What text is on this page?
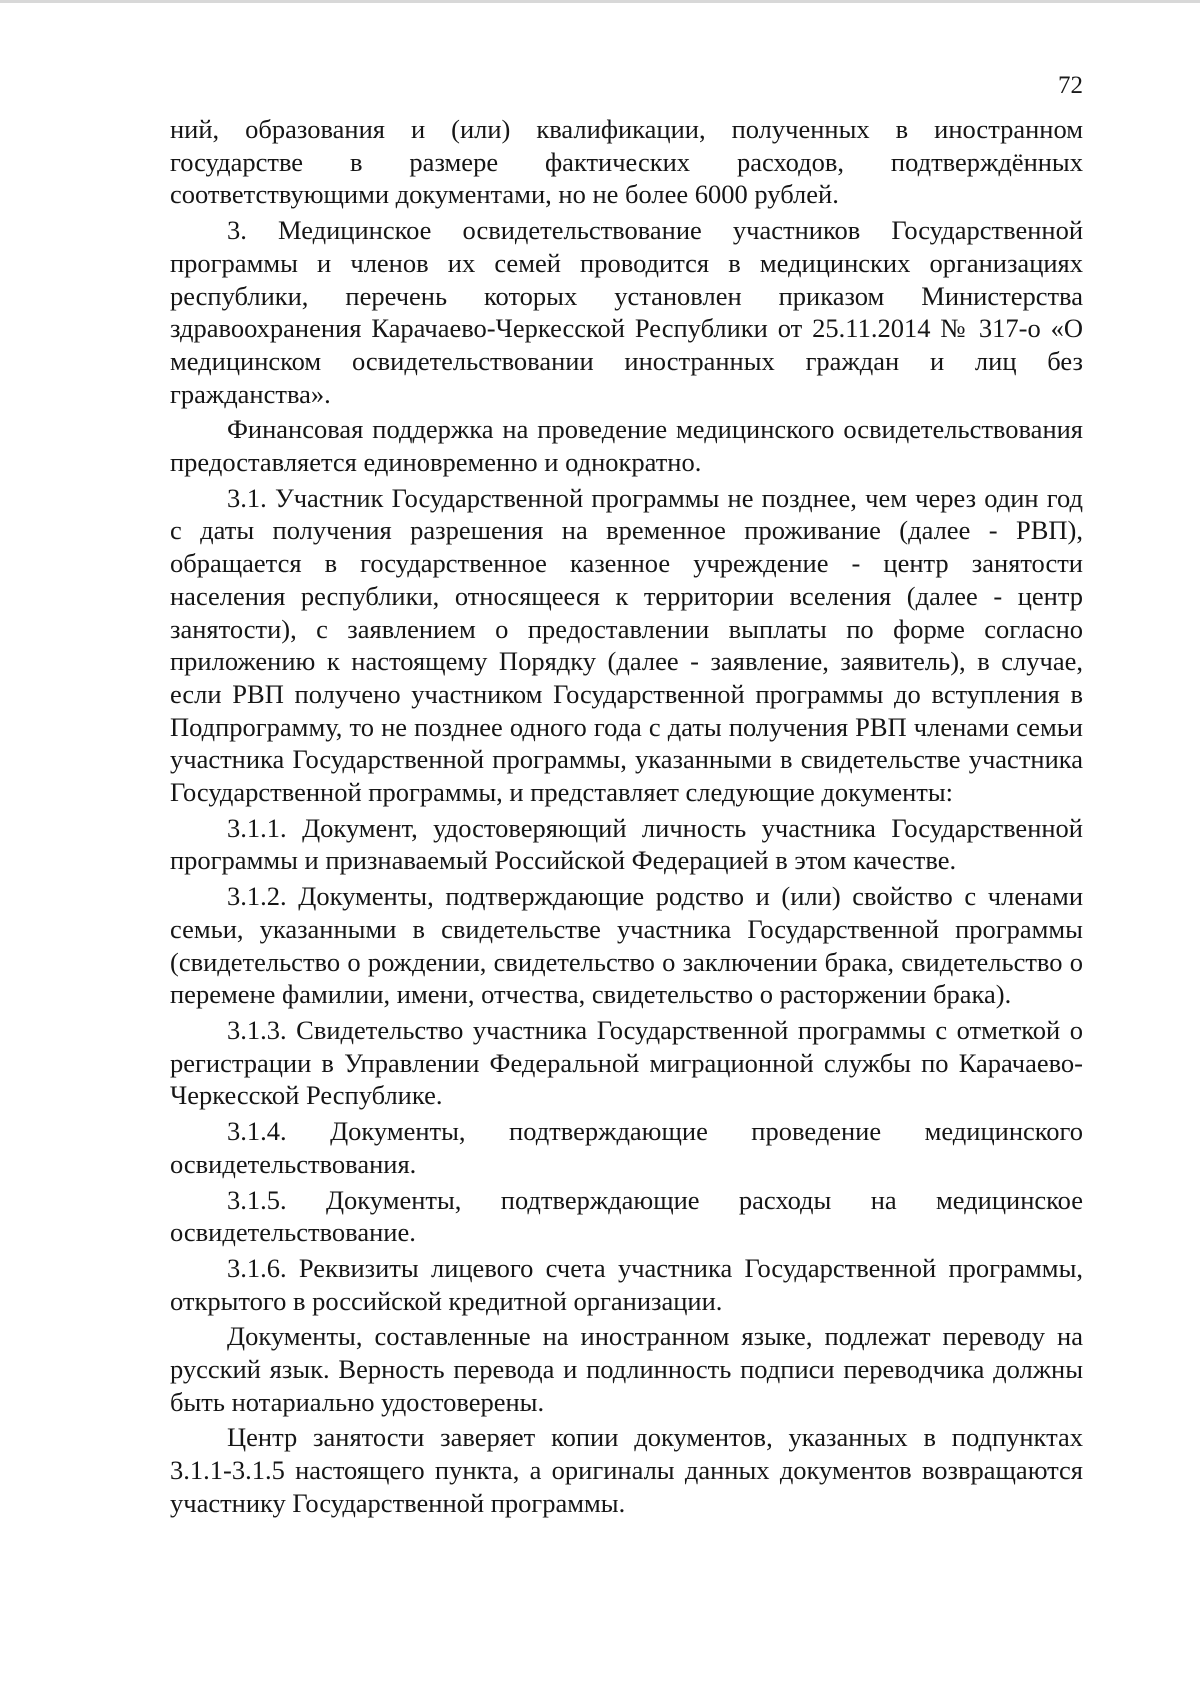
72

ний, образования и (или) квалификации, полученных в иностранном государстве в размере фактических расходов, подтверждённых соответствующими документами, но не более 6000 рублей.

3. Медицинское освидетельствование участников Государственной программы и членов их семей проводится в медицинских организациях республики, перечень которых установлен приказом Министерства здравоохранения Карачаево-Черкесской Республики от 25.11.2014 № 317-о «О медицинском освидетельствовании иностранных граждан и лиц без гражданства».

Финансовая поддержка на проведение медицинского освидетельствования предоставляется единовременно и однократно.

3.1. Участник Государственной программы не позднее, чем через один год с даты получения разрешения на временное проживание (далее - РВП), обращается в государственное казенное учреждение - центр занятости населения республики, относящееся к территории вселения (далее - центр занятости), с заявлением о предоставлении выплаты по форме согласно приложению к настоящему Порядку (далее - заявление, заявитель), в случае, если РВП получено участником Государственной программы до вступления в Подпрограмму, то не позднее одного года с даты получения РВП членами семьи участника Государственной программы, указанными в свидетельстве участника Государственной программы, и представляет следующие документы:

3.1.1. Документ, удостоверяющий личность участника Государственной программы и признаваемый Российской Федерацией в этом качестве.

3.1.2. Документы, подтверждающие родство и (или) свойство с членами семьи, указанными в свидетельстве участника Государственной программы (свидетельство о рождении, свидетельство о заключении брака, свидетельство о перемене фамилии, имени, отчества, свидетельство о расторжении брака).

3.1.3. Свидетельство участника Государственной программы с отметкой о регистрации в Управлении Федеральной миграционной службы по Карачаево-Черкесской Республике.

3.1.4. Документы, подтверждающие проведение медицинского освидетельствования.

3.1.5. Документы, подтверждающие расходы на медицинское освидетельствование.

3.1.6. Реквизиты лицевого счета участника Государственной программы, открытого в российской кредитной организации.

Документы, составленные на иностранном языке, подлежат переводу на русский язык. Верность перевода и подлинность подписи переводчика должны быть нотариально удостоверены.

Центр занятости заверяет копии документов, указанных в подпунктах 3.1.1-3.1.5 настоящего пункта, а оригиналы данных документов возвращаются участнику Государственной программы.
